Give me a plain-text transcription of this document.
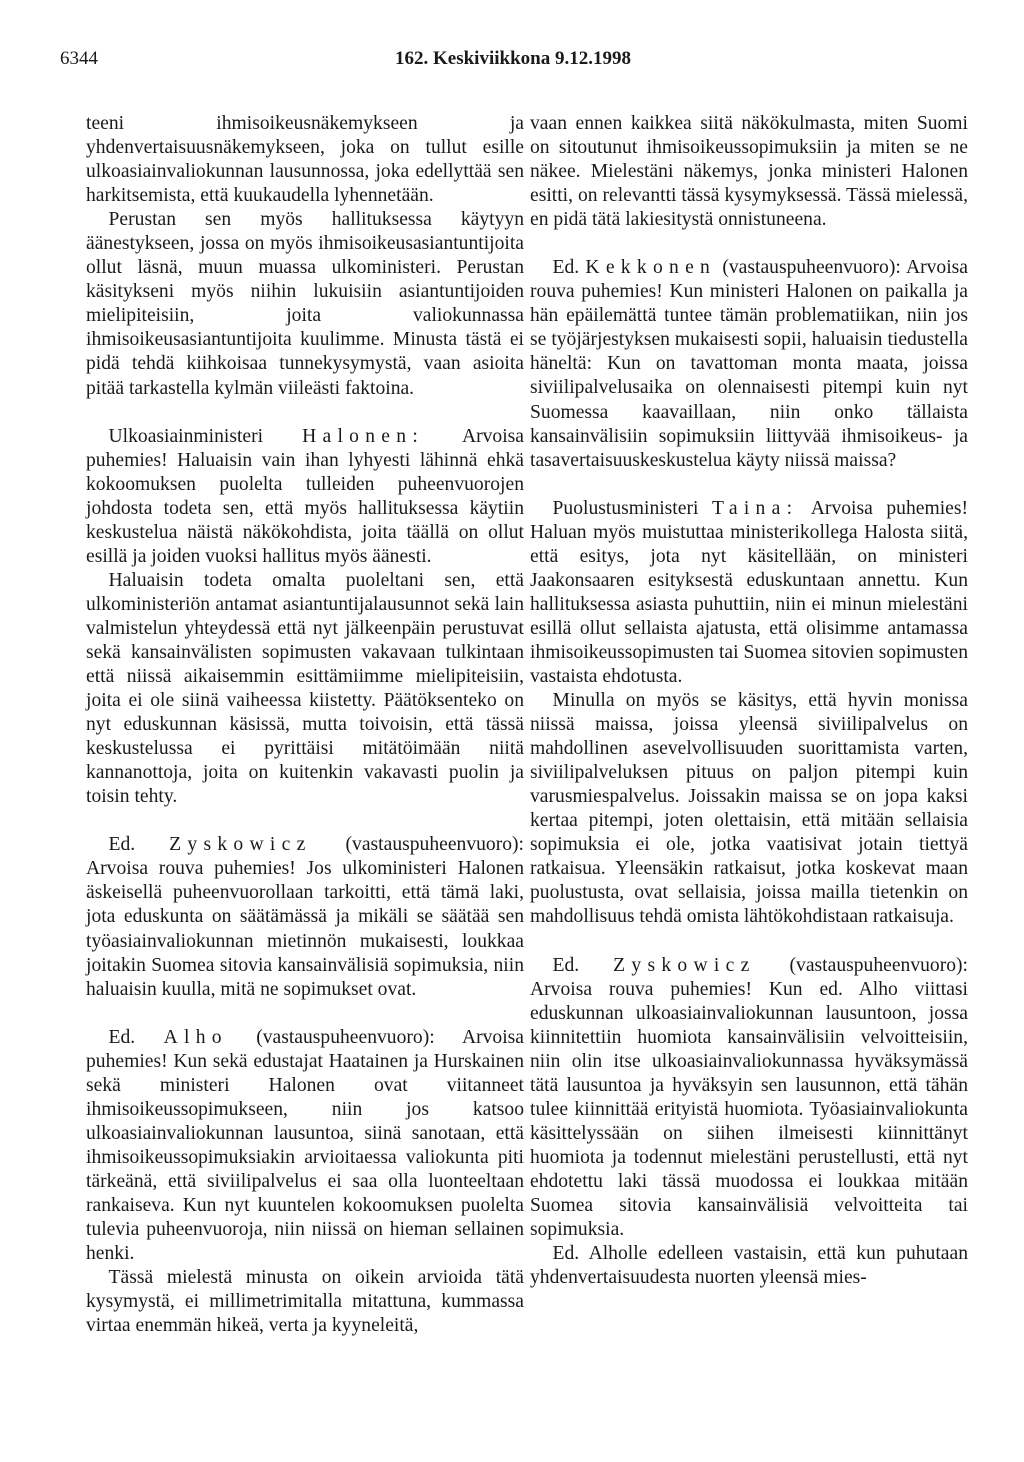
6344	162. Keskiviikkona 9.12.1998

teeni ihmisoikeusnäkemykseen ja yhdenvertaisuusnäkemykseen, joka on tullut esille ulkoasiainvaliokunnan lausunnossa, joka edellyttää sen harkitsemista, että kuukaudella lyhennetään.

Perustan sen myös hallituksessa käytyyn äänestykseen, jossa on myös ihmisoikeusasiantuntijoita ollut läsnä, muun muassa ulkoministeri. Perustan käsitykseni myös niihin lukuisiin asiantuntijoiden mielipiteisiin, joita valiokunnassa ihmisoikeusasiantuntijoita kuulimme. Minusta tästä ei pidä tehdä kiihkoisaa tunnekysymystä, vaan asioita pitää tarkastella kylmän viileästi faktoina.

Ulkoasiainministeri Halonen: Arvoisa puhemies! Haluaisin vain ihan lyhyesti lähinnä ehkä kokoomuksen puolelta tulleiden puheenvuorojen johdosta todeta sen, että myös hallituksessa käytiin keskustelua näistä näkökohdista, joita täällä on ollut esillä ja joiden vuoksi hallitus myös äänesti.

Haluaisin todeta omalta puoleltani sen, että ulkoministeriön antamat asiantuntijalausunnot sekä lain valmistelun yhteydessä että nyt jälkeenpäin perustuvat sekä kansainvälisten sopimusten vakavaan tulkintaan että niissä aikaisemmin esittämiimme mielipiteisiin, joita ei ole siinä vaiheessa kiistetty. Päätöksenteko on nyt eduskunnan käsissä, mutta toivoisin, että tässä keskustelussa ei pyrittäisi mitätöimään niitä kannanottoja, joita on kuitenkin vakavasti puolin ja toisin tehty.

Ed. Zyskowicz (vastauspuheenvuoro): Arvoisa rouva puhemies! Jos ulkoministeri Halonen äskeisellä puheenvuorollaan tarkoitti, että tämä laki, jota eduskunta on säätämässä ja mikäli se säätää sen työasiainvaliokunnan mietinnön mukaisesti, loukkaa joitakin Suomea sitovia kansainvälisiä sopimuksia, niin haluaisin kuulla, mitä ne sopimukset ovat.

Ed. Alho (vastauspuheenvuoro): Arvoisa puhemies! Kun sekä edustajat Haatainen ja Hurskainen sekä ministeri Halonen ovat viitanneet ihmisoikeussopimukseen, niin jos katsoo ulkoasiainvaliokunnan lausuntoa, siinä sanotaan, että ihmisoikeussopimuksiakin arvioitaessa valiokunta piti tärkeänä, että siviilipalvelus ei saa olla luonteeltaan rankaiseva. Kun nyt kuuntelen kokoomuksen puolelta tulevia puheenvuoroja, niin niissä on hieman sellainen henki.

Tässä mielestä minusta on oikein arvioida tätä kysymystä, ei millimetrimitalla mitattuna, kummassa virtaa enemmän hikeä, verta ja kyyneleitä,

vaan ennen kaikkea siitä näkökulmasta, miten Suomi on sitoutunut ihmisoikeussopimuksiin ja miten se ne näkee. Mielestäni näkemys, jonka ministeri Halonen esitti, on relevantti tässä kysymyksessä. Tässä mielessä, en pidä tätä lakiesitystä onnistuneena.

Ed. Kekkonen (vastauspuheenvuoro): Arvoisa rouva puhemies! Kun ministeri Halonen on paikalla ja hän epäilemättä tuntee tämän problematiikan, niin jos se työjärjestyksen mukaisesti sopii, haluaisin tiedustella häneltä: Kun on tavattoman monta maata, joissa siviilipalvelusaika on olennaisesti pitempi kuin nyt Suomessa kaavaillaan, niin onko tällaista kansainvälisiin sopimuksiin liittyvää ihmisoikeus- ja tasavertaisuuskeskustelua käyty niissä maissa?

Puolustusministeri Taina: Arvoisa puhemies! Haluan myös muistuttaa ministerikollega Halosta siitä, että esitys, jota nyt käsitellään, on ministeri Jaakonsaaren esityksestä eduskuntaan annettu. Kun hallituksessa asiasta puhuttiin, niin ei minun mielestäni esillä ollut sellaista ajatusta, että olisimme antamassa ihmisoikeussopimusten tai Suomea sitovien sopimusten vastaista ehdotusta.

Minulla on myös se käsitys, että hyvin monissa niissä maissa, joissa yleensä siviilipalvelus on mahdollinen asevelvollisuuden suorittamista varten, siviilipalveluksen pituus on paljon pitempi kuin varusmiespalvelus. Joissakin maissa se on jopa kaksi kertaa pitempi, joten olettaisin, että mitään sellaisia sopimuksia ei ole, jotka vaatisivat jotain tiettyä ratkaisua. Yleensäkin ratkaisut, jotka koskevat maan puolustusta, ovat sellaisia, joissa mailla tietenkin on mahdollisuus tehdä omista lähtökohdistaan ratkaisuja.

Ed. Zyskowicz (vastauspuheenvuoro): Arvoisa rouva puhemies! Kun ed. Alho viittasi eduskunnan ulkoasiainvaliokunnan lausuntoon, jossa kiinnitettiin huomiota kansainvälisiin velvoitteisiin, niin olin itse ulkoasiainvaliokunnassa hyväksymässä tätä lausuntoa ja hyväksyin sen lausunnon, että tähän tulee kiinnittää erityistä huomiota. Työasiainvaliokunta käsittelyssään on siihen ilmeisesti kiinnittänyt huomiota ja todennut mielestäni perustellusti, että nyt ehdotettu laki tässä muodossa ei loukkaa mitään Suomea sitovia kansainvälisiä velvoitteita tai sopimuksia.

Ed. Alholle edelleen vastaisin, että kun puhutaan yhdenvertaisuudesta nuorten yleensä mies-
